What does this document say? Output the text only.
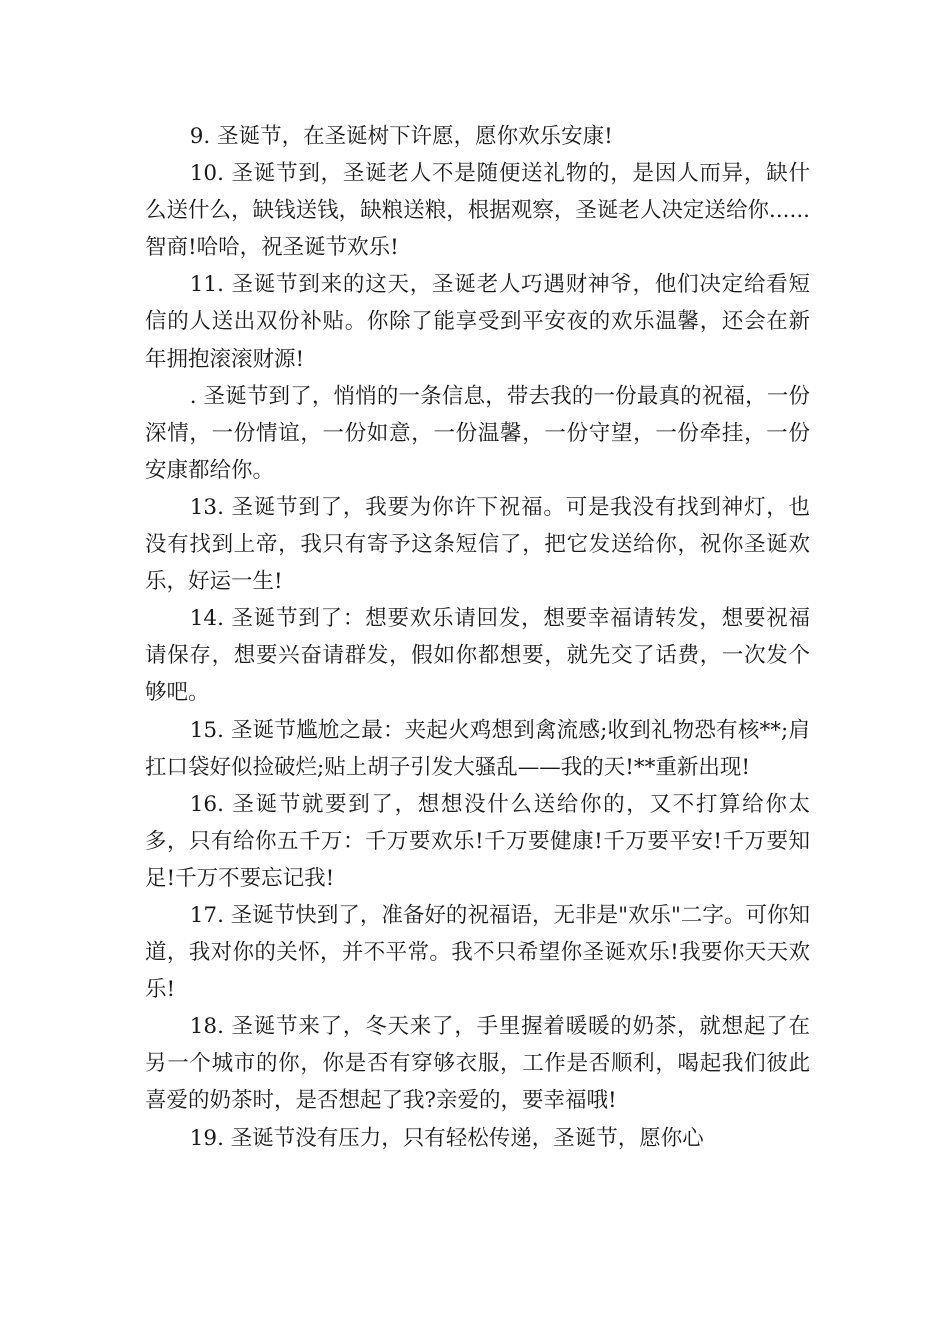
9. 圣诞节，在圣诞树下许愿，愿你欢乐安康!

10. 圣诞节到，圣诞老人不是随便送礼物的，是因人而异，缺什么送什么，缺钱送钱，缺粮送粮，根据观察，圣诞老人决定送给你......智商!哈哈，祝圣诞节欢乐!

11. 圣诞节到来的这天，圣诞老人巧遇财神爷，他们决定给看短信的人送出双份补贴。你除了能享受到平安夜的欢乐温馨，还会在新年拥抱滚滚财源!

. 圣诞节到了，悄悄的一条信息，带去我的一份最真的祝福，一份深情，一份情谊，一份如意，一份温馨，一份守望，一份牵挂，一份安康都给你。

13. 圣诞节到了，我要为你许下祝福。可是我没有找到神灯，也没有找到上帝，我只有寄予这条短信了，把它发送给你，祝你圣诞欢乐，好运一生!

14. 圣诞节到了：想要欢乐请回发，想要幸福请转发，想要祝福请保存，想要兴奋请群发，假如你都想要，就先交了话费，一次发个够吧。

15. 圣诞节尴尬之最：夹起火鸡想到禽流感;收到礼物恐有核**;肩扛口袋好似捡破烂;贴上胡子引发大骚乱——我的天!**重新出现!

16. 圣诞节就要到了，想想没什么送给你的，又不打算给你太多，只有给你五千万：千万要欢乐!千万要健康!千万要平安!千万要知足!千万不要忘记我!

17. 圣诞节快到了，准备好的祝福语，无非是"欢乐"二字。可你知道，我对你的关怀，并不平常。我不只希望你圣诞欢乐!我要你天天欢乐!

18. 圣诞节来了，冬天来了，手里握着暖暖的奶茶，就想起了在另一个城市的你，你是否有穿够衣服，工作是否顺利，喝起我们彼此喜爱的奶茶时，是否想起了我?亲爱的，要幸福哦!

19. 圣诞节没有压力，只有轻松传递，圣诞节，愿你心
